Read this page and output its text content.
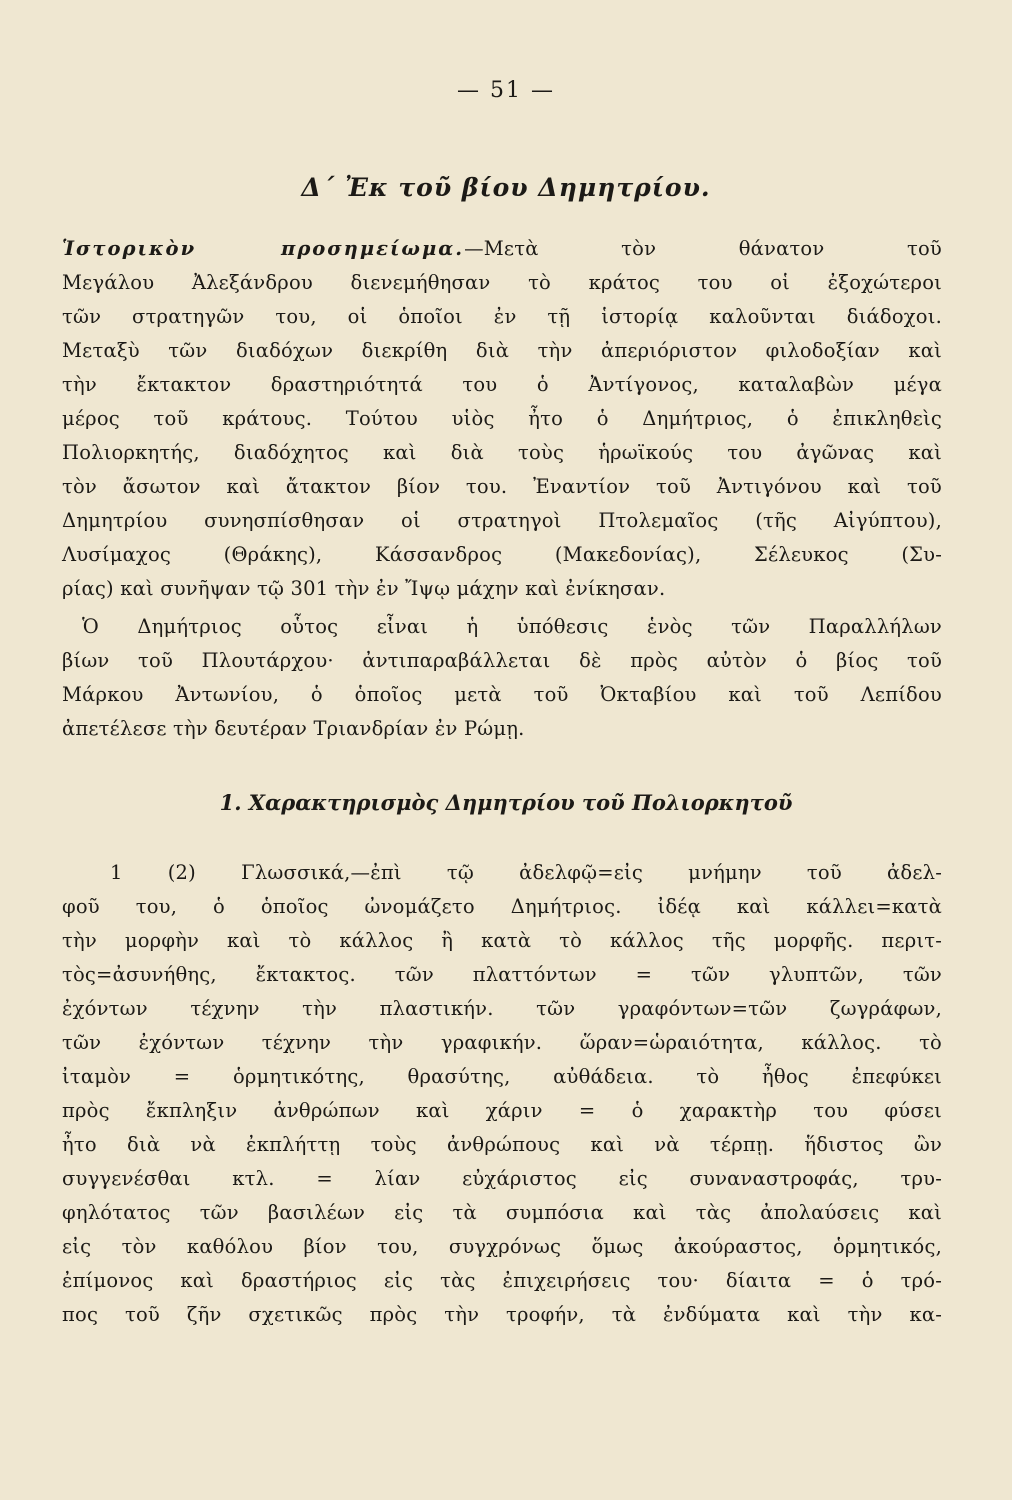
— 51 —
Δ΄ Ἐκ τοῦ βίου Δημητρίου.
Ἱστορικὸν προσημείωμα.—Μετὰ τὸν θάνατον τοῦ
Μεγάλου Ἀλεξάνδρου διενεμήθησαν τὸ κράτος του οἱ ἐξοχώτεροι
τῶν στρατηγῶν του, οἱ ὁποῖοι ἐν τῇ ἱστορίᾳ καλοῦνται διάδοχοι.
Μεταξὺ τῶν διαδόχων διεκρίθη διὰ τὴν ἀπεριόριστον φιλοδοξίαν καὶ
τὴν ἔκτακτον δραστηριότητά του ὁ Ἀντίγονος, καταλαβὼν μέγα
μέρος τοῦ κράτους. Τούτου υἱὸς ἦτο ὁ Δημήτριος, ὁ ἐπικληθεὶς
Πολιορκητής, διαδόχητος καὶ διὰ τοὺς ἡρωϊκούς του ἀγῶνας καὶ
τὸν ἄσωτον καὶ ἄτακτον βίον του. Ἐναντίον τοῦ Ἀντιγόνου καὶ τοῦ
Δημητρίου συνησπίσθησαν οἱ στρατηγοὶ Πτολεμαῖος (τῆς Αἰγύπτου),
Λυσίμαχος (Θράκης), Κάσσανδρος (Μακεδονίας), Σέλευκος (Συ-
ρίας) καὶ συνῆψαν τῷ 301 τὴν ἐν Ἴψῳ μάχην καὶ ἐνίκησαν.
Ὁ Δημήτριος οὗτος εἶναι ἡ ὑπόθεσις ἑνὸς τῶν Παραλλήλων
βίων τοῦ Πλουτάρχου· ἀντιπαραβάλλεται δὲ πρὸς αὐτὸν ὁ βίος τοῦ
Μάρκου Ἀντωνίου, ὁ ὁποῖος μετὰ τοῦ Ὀκταβίου καὶ τοῦ Λεπίδου
ἀπετέλεσε τὴν δευτέραν Τριανδρίαν ἐν Ρώμῃ.
1. Χαρακτηρισμὸς Δημητρίου τοῦ Πολιορκητοῦ
1 (2) Γλωσσικά,—ἐπὶ τῷ ἀδελφῷ=εἰς μνήμην τοῦ ἀδελ-
φοῦ του, ὁ ὁποῖος ὠνομάζετο Δημήτριος. ἰδέᾳ καὶ κάλλει=κατὰ
τὴν μορφὴν καὶ τὸ κάλλος ἢ κατὰ τὸ κάλλος τῆς μορφῆς. περιτ-
τὸς=ἀσυνήθης, ἔκτακτος. τῶν πλαττόντων = τῶν γλυπτῶν, τῶν
ἐχόντων τέχνην τὴν πλαστικήν. τῶν γραφόντων=τῶν ζωγράφων,
τῶν ἐχόντων τέχνην τὴν γραφικήν. ὥραν=ὡραιότητα, κάλλος. τὸ
ἰταμὸν = ὁρμητικότης, θρασύτης, αὐθάδεια. τὸ ἦθος ἐπεφύκει
πρὸς ἔκπληξιν ἀνθρώπων καὶ χάριν = ὁ χαρακτὴρ του φύσει
ἦτο διὰ νὰ ἐκπλήττῃ τοὺς ἀνθρώπους καὶ νὰ τέρπῃ. ἥδιστος ὢν
συγγενέσθαι κτλ. = λίαν εὐχάριστος εἰς συναναστροφάς, τρυ-
φηλότατος τῶν βασιλέων εἰς τὰ συμπόσια καὶ τὰς ἀπολαύσεις καὶ
εἰς τὸν καθόλου βίον του, συγχρόνως ὅμως ἀκούραστος, ὁρμητικός,
ἐπίμονος καὶ δραστήριος εἰς τὰς ἐπιχειρήσεις του· δίαιτα = ὁ τρό-
πος τοῦ ζῆν σχετικῶς πρὸς τὴν τροφήν, τὰ ἐνδύματα καὶ τὴν κα-
